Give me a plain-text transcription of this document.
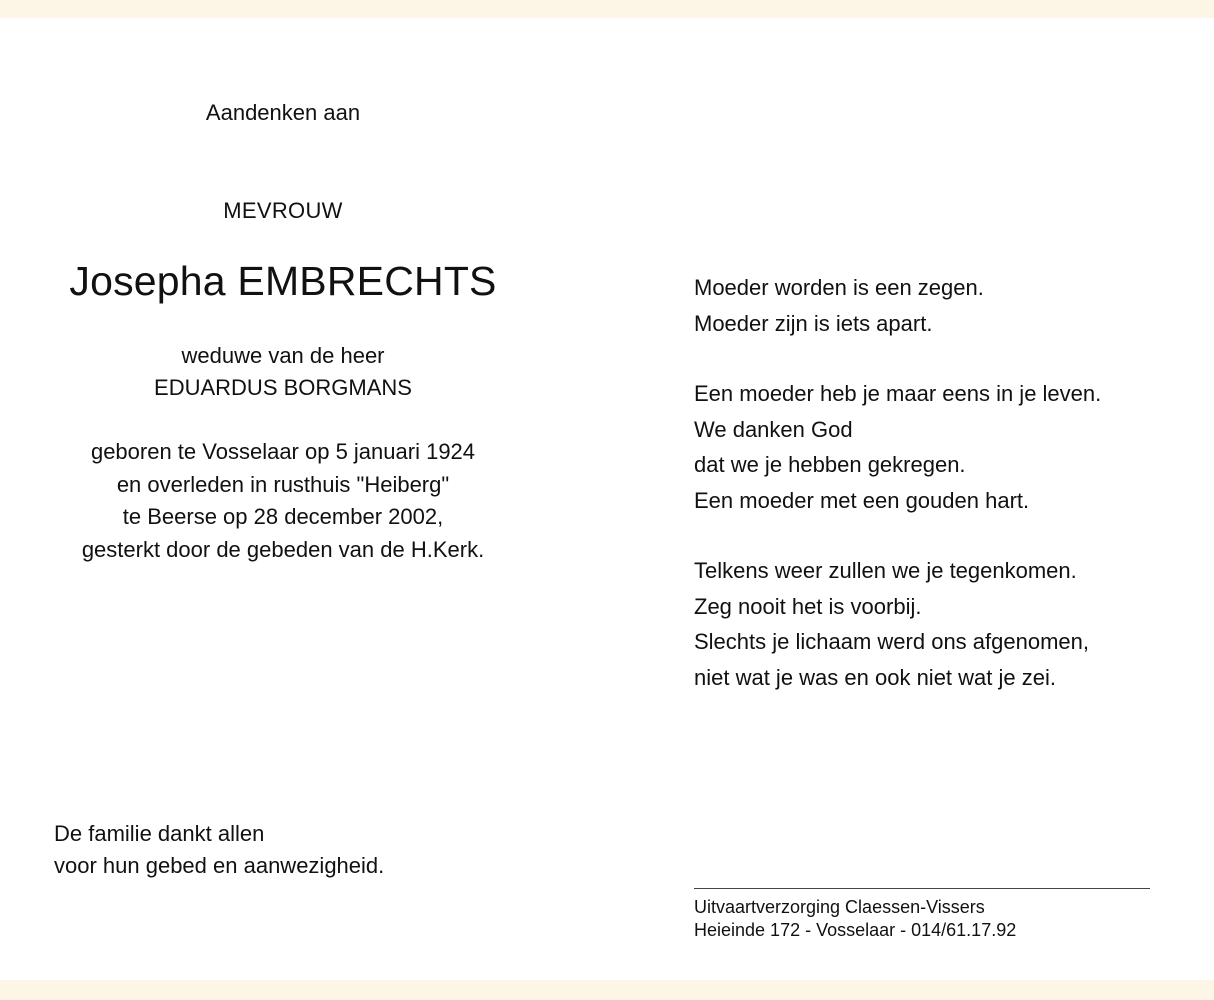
Aandenken aan
MEVROUW
Josepha EMBRECHTS
weduwe van de heer
EDUARDUS BORGMANS
geboren te Vosselaar op 5 januari 1924
en overleden in rusthuis "Heiberg"
te Beerse op 28 december 2002,
gesterkt door de gebeden van de H.Kerk.
Moeder worden is een zegen.
Moeder zijn is iets apart.
Een moeder heb je maar eens in je leven.
We danken God
dat we je hebben gekregen.
Een moeder met een gouden hart.
Telkens weer zullen we je tegenkomen.
Zeg nooit het is voorbij.
Slechts je lichaam werd ons afgenomen,
niet wat je was en ook niet wat je zei.
De familie dankt allen
voor hun gebed en aanwezigheid.
Uitvaartverzorging Claessen-Vissers
Heieinde 172 - Vosselaar - 014/61.17.92
